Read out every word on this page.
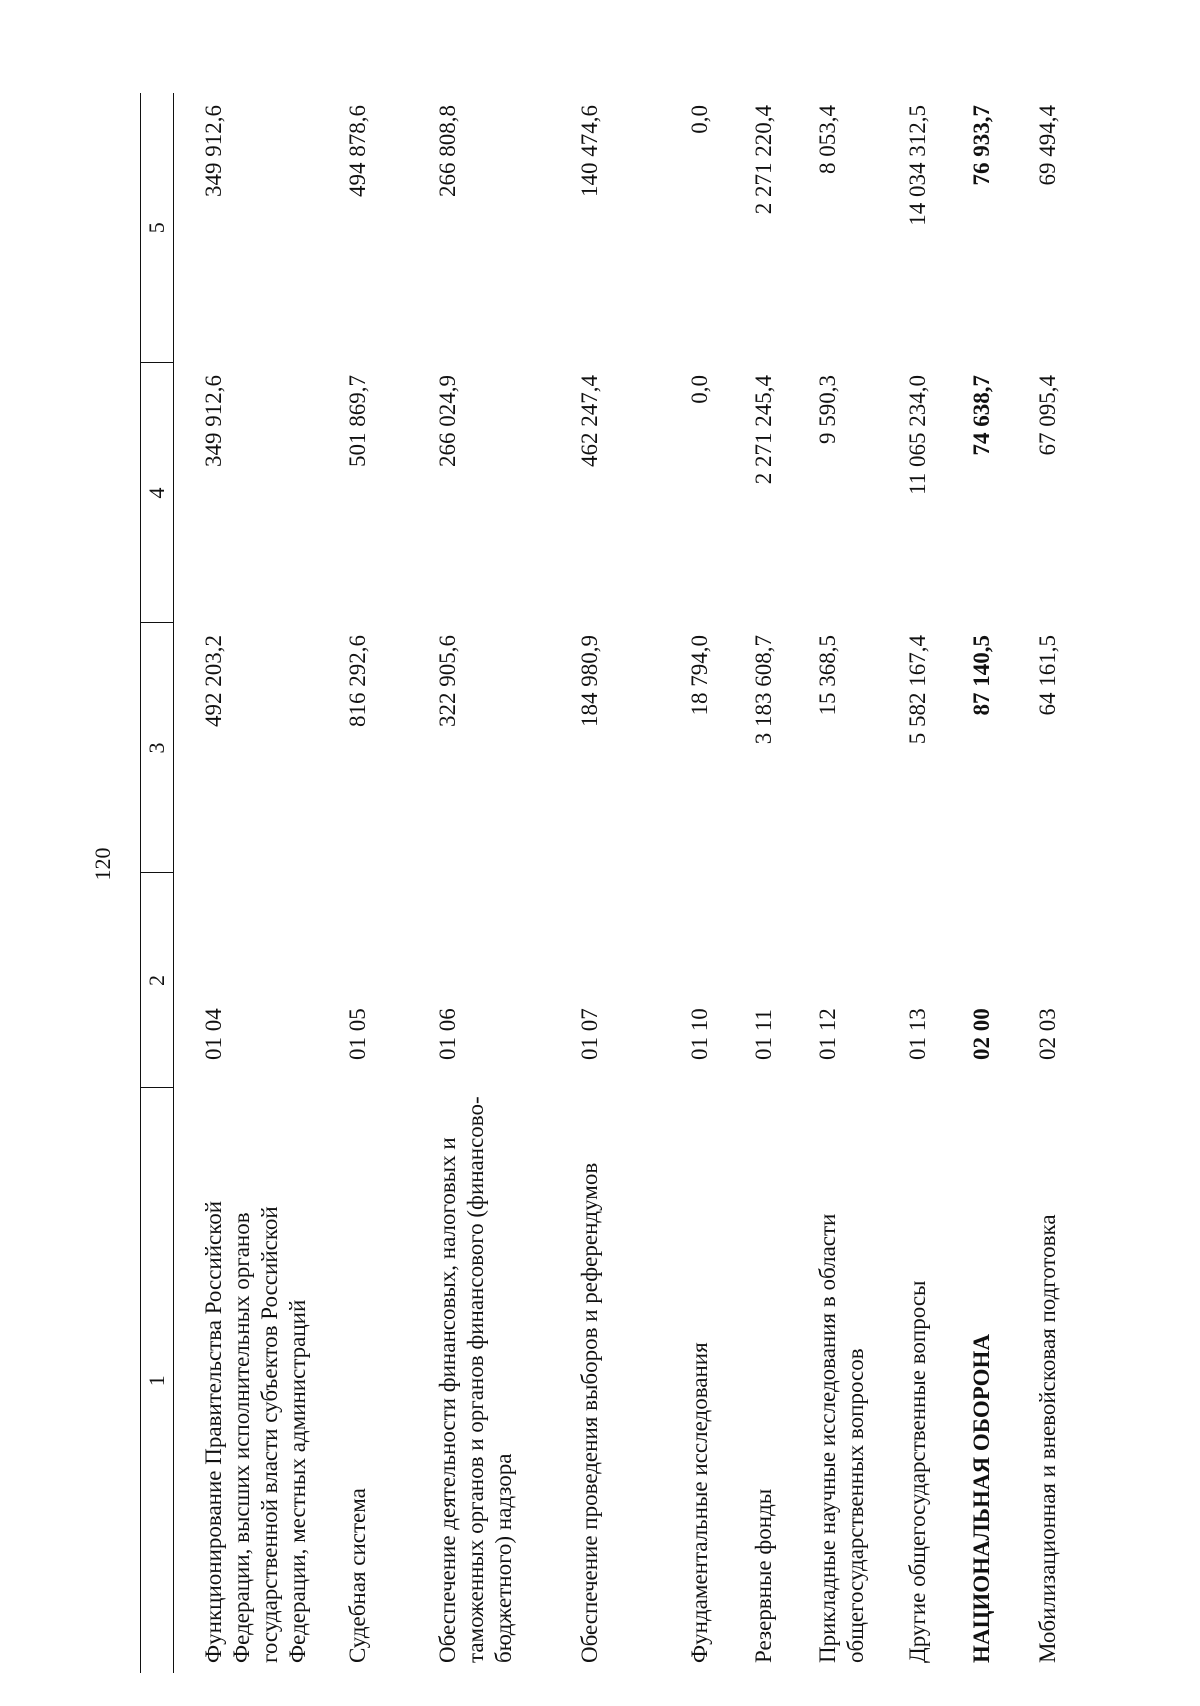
120
1	2	3	4	5
Функционирование Правительства Российской Федерации, высших исполнительных органов государственной власти субъектов Российской Федерации, местных администраций	01 04	492 203,2	349 912,6	349 912,6
Судебная система	01 05	816 292,6	501 869,7	494 878,6
Обеспечение деятельности финансовых, налоговых и таможенных органов и органов финансового (финансово-бюджетного) надзора	01 06	322 905,6	266 024,9	266 808,8
Обеспечение проведения выборов и референдумов	01 07	184 980,9	462 247,4	140 474,6
Фундаментальные исследования	01 10	18 794,0	0,0	0,0
Резервные фонды	01 11	3 183 608,7	2 271 245,4	2 271 220,4
Прикладные научные исследования в области общегосударственных вопросов	01 12	15 368,5	9 590,3	8 053,4
Другие общегосударственные вопросы	01 13	5 582 167,4	11 065 234,0	14 034 312,5
НАЦИОНАЛЬНАЯ ОБОРОНА	02 00	87 140,5	74 638,7	76 933,7
Мобилизационная и вневойсковая подготовка	02 03	64 161,5	67 095,4	69 494,4
